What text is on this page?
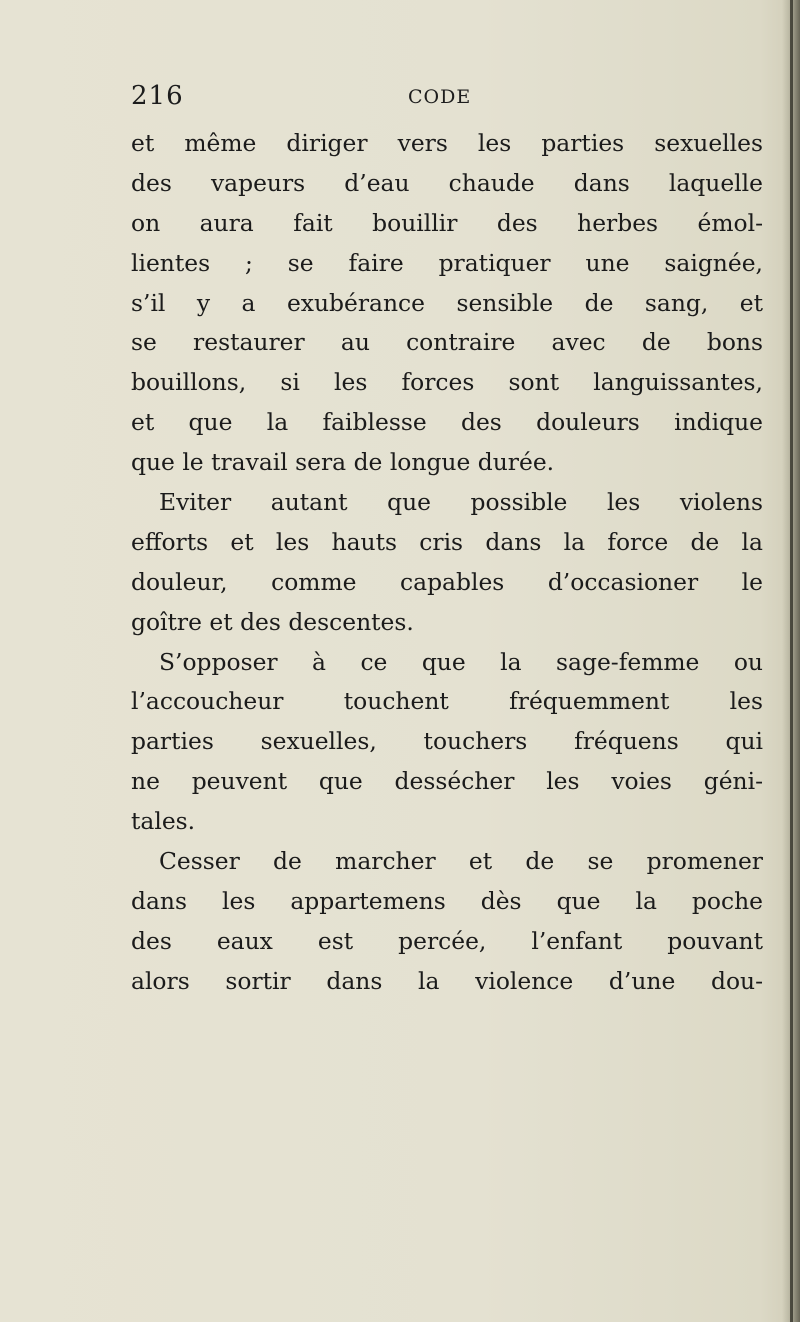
216	CODE
et même diriger vers les parties sexuelles
des vapeurs d’eau chaude dans laquelle
on aura fait bouillir des herbes émol-
lientes ; se faire pratiquer une saignée,
s’il y a exubérance sensible de sang, et
se restaurer au contraire avec de bons
bouillons, si les forces sont languissantes,
et que la faiblesse des douleurs indique
que le travail sera de longue durée.
Eviter autant que possible les violens
efforts et les hauts cris dans la force de la
douleur, comme capables d’occasioner le
goître et des descentes.
S’opposer à ce que la sage-femme ou
l’accoucheur touchent fréquemment les
parties sexuelles, touchers fréquens qui
ne peuvent que dessécher les voies géni-
tales.
Cesser de marcher et de se promener
dans les appartemens dès que la poche
des eaux est percée, l’enfant pouvant
alors sortir dans la violence d’une dou-
